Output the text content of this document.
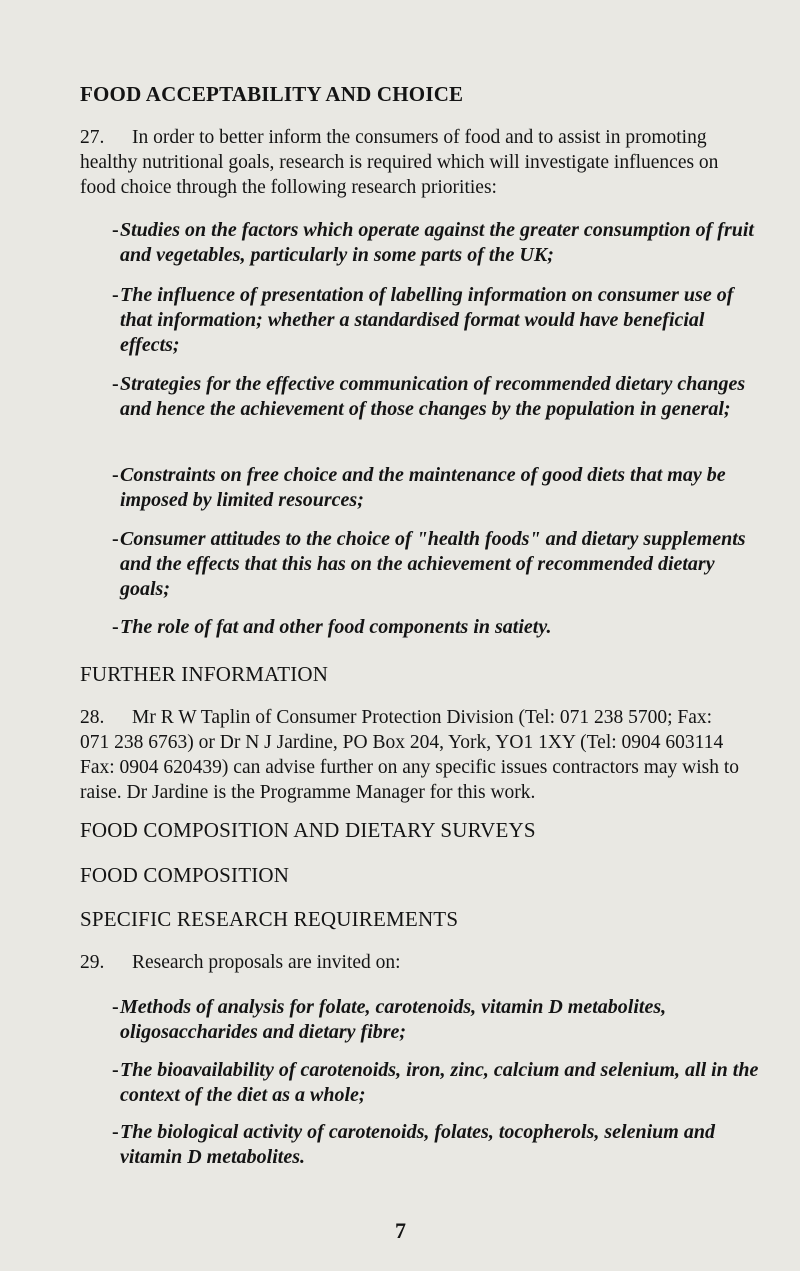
FOOD ACCEPTABILITY AND CHOICE
27. In order to better inform the consumers of food and to assist in promoting healthy nutritional goals, research is required which will investigate influences on food choice through the following research priorities:
- Studies on the factors which operate against the greater consumption of fruit and vegetables, particularly in some parts of the UK;
- The influence of presentation of labelling information on consumer use of that information; whether a standardised format would have beneficial effects;
- Strategies for the effective communication of recommended dietary changes and hence the achievement of those changes by the population in general;
- Constraints on free choice and the maintenance of good diets that may be imposed by limited resources;
- Consumer attitudes to the choice of "health foods" and dietary supplements and the effects that this has on the achievement of recommended dietary goals;
- The role of fat and other food components in satiety.
FURTHER INFORMATION
28. Mr R W Taplin of Consumer Protection Division (Tel: 071 238 5700; Fax: 071 238 6763) or Dr N J Jardine, PO Box 204, York, YO1 1XY (Tel: 0904 603114 Fax: 0904 620439) can advise further on any specific issues contractors may wish to raise. Dr Jardine is the Programme Manager for this work.
FOOD COMPOSITION AND DIETARY SURVEYS
FOOD COMPOSITION
SPECIFIC RESEARCH REQUIREMENTS
29. Research proposals are invited on:
- Methods of analysis for folate, carotenoids, vitamin D metabolites, oligosaccharides and dietary fibre;
- The bioavailability of carotenoids, iron, zinc, calcium and selenium, all in the context of the diet as a whole;
- The biological activity of carotenoids, folates, tocopherols, selenium and vitamin D metabolites.
7
